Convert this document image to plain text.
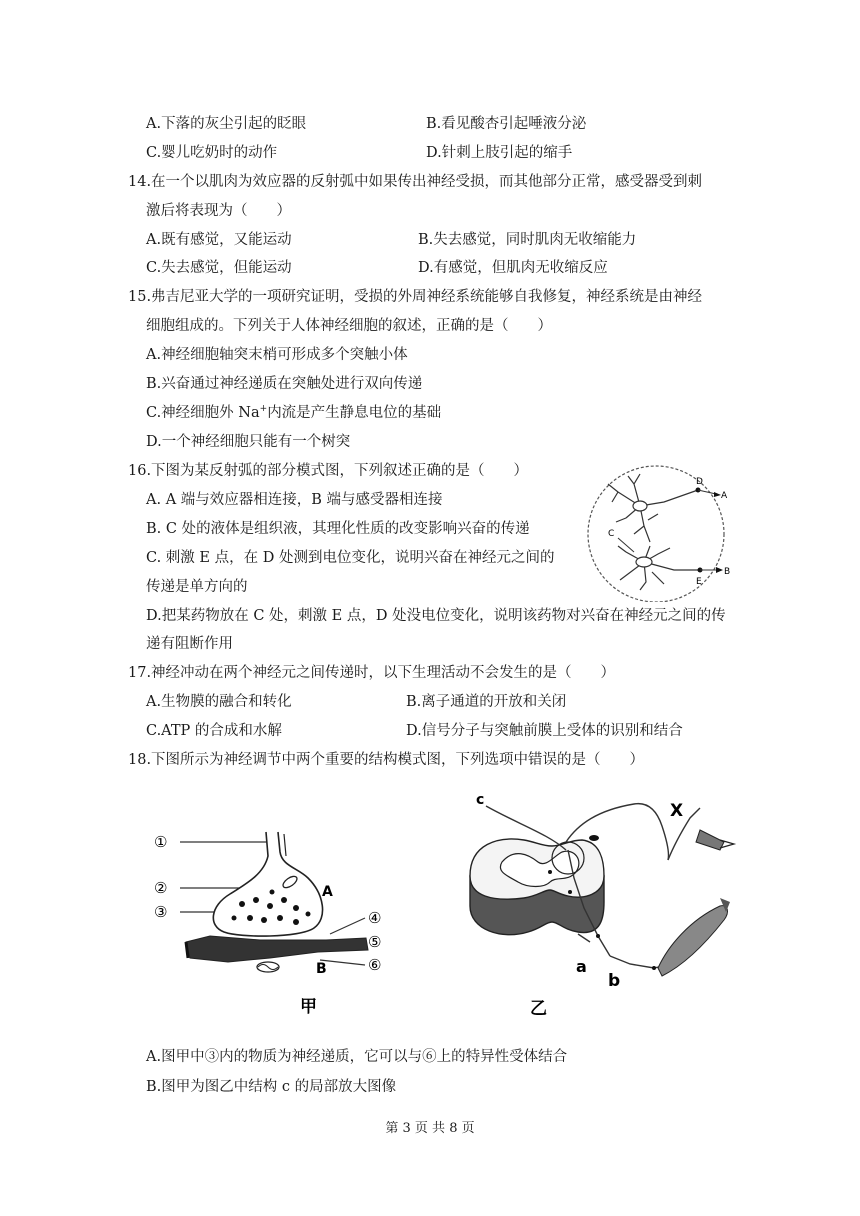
A.下落的灰尘引起的眨眼	B.看见酸杏引起唾液分泌
C.婴儿吃奶时的动作	D.针刺上肢引起的缩手
14.在一个以肌肉为效应器的反射弧中如果传出神经受损，而其他部分正常，感受器受到刺
激后将表现为（　　）
A.既有感觉，又能运动	B.失去感觉，同时肌肉无收缩能力
C.失去感觉，但能运动	D.有感觉，但肌肉无收缩反应
15.弗吉尼亚大学的一项研究证明，受损的外周神经系统能够自我修复，神经系统是由神经
细胞组成的。下列关于人体神经细胞的叙述，正确的是（　　）
A.神经细胞轴突末梢可形成多个突触小体
B.兴奋通过神经递质在突触处进行双向传递
C.神经细胞外 Na+内流是产生静息电位的基础
D.一个神经细胞只能有一个树突
16.下图为某反射弧的部分模式图，下列叙述正确的是（　　）
A. A 端与效应器相连接，B 端与感受器相连接
B. C 处的液体是组织液，其理化性质的改变影响兴奋的传递
C. 刺激 E 点，在 D 处测到电位变化，说明兴奋在神经元之间的
传递是单方向的
D.把某药物放在 C 处，刺激 E 点，D 处没电位变化，说明该药物对兴奋在神经元之间的传
递有阻断作用
D
A
C
E
B
17.神经冲动在两个神经元之间传递时，以下生理活动不会发生的是（　　）
A.生物膜的融合和转化	B.离子通道的开放和关闭
C.ATP 的合成和水解	D.信号分子与突触前膜上受体的识别和结合
18.下图所示为神经调节中两个重要的结构模式图，下列选项中错误的是（　　）
①
②
③	④
⑤
⑥
A
B
甲
X
c
a
b
乙
A.图甲中③内的物质为神经递质，它可以与⑥上的特异性受体结合
B.图甲为图乙中结构 c 的局部放大图像
第 3 页 共 8 页
